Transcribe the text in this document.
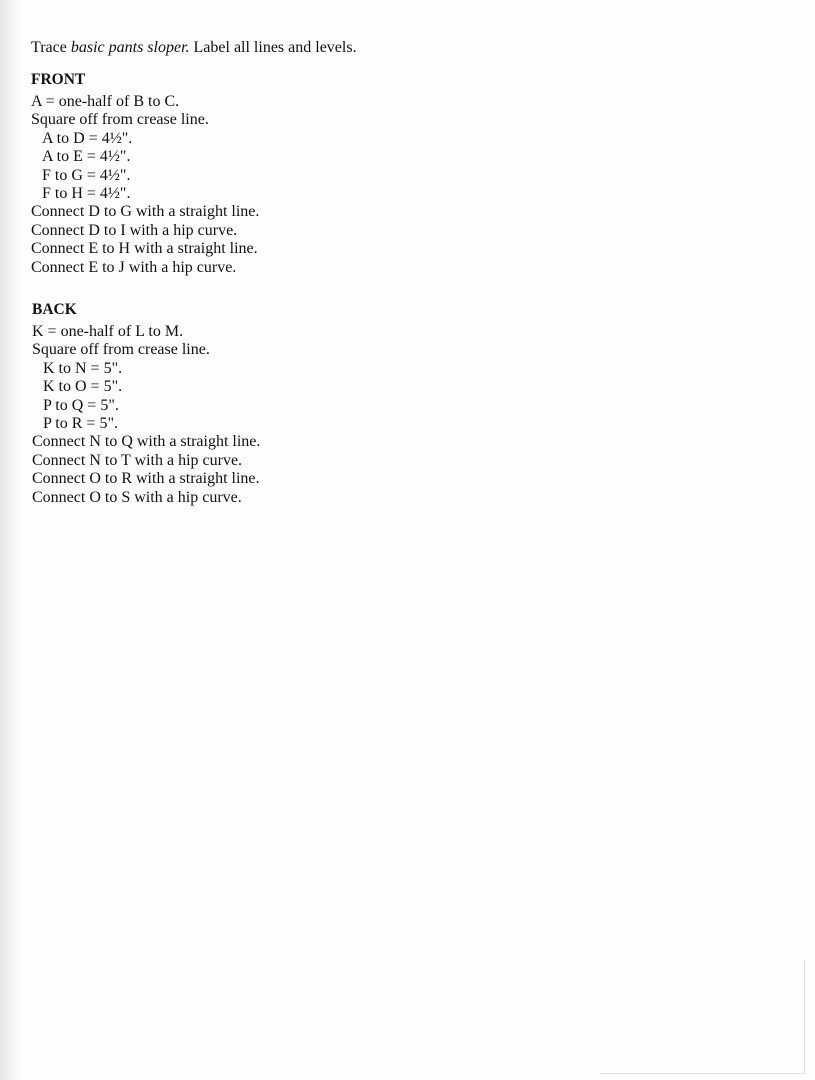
Trace basic pants sloper. Label all lines and levels.
FRONT
A = one-half of B to C.
Square off from crease line.
A to D = 4½".
A to E = 4½".
F to G = 4½".
F to H = 4½".
Connect D to G with a straight line.
Connect D to I with a hip curve.
Connect E to H with a straight line.
Connect E to J with a hip curve.
BACK
K = one-half of L to M.
Square off from crease line.
K to N = 5".
K to O = 5".
P to Q = 5".
P to R = 5".
Connect N to Q with a straight line.
Connect N to T with a hip curve.
Connect O to R with a straight line.
Connect O to S with a hip curve.
